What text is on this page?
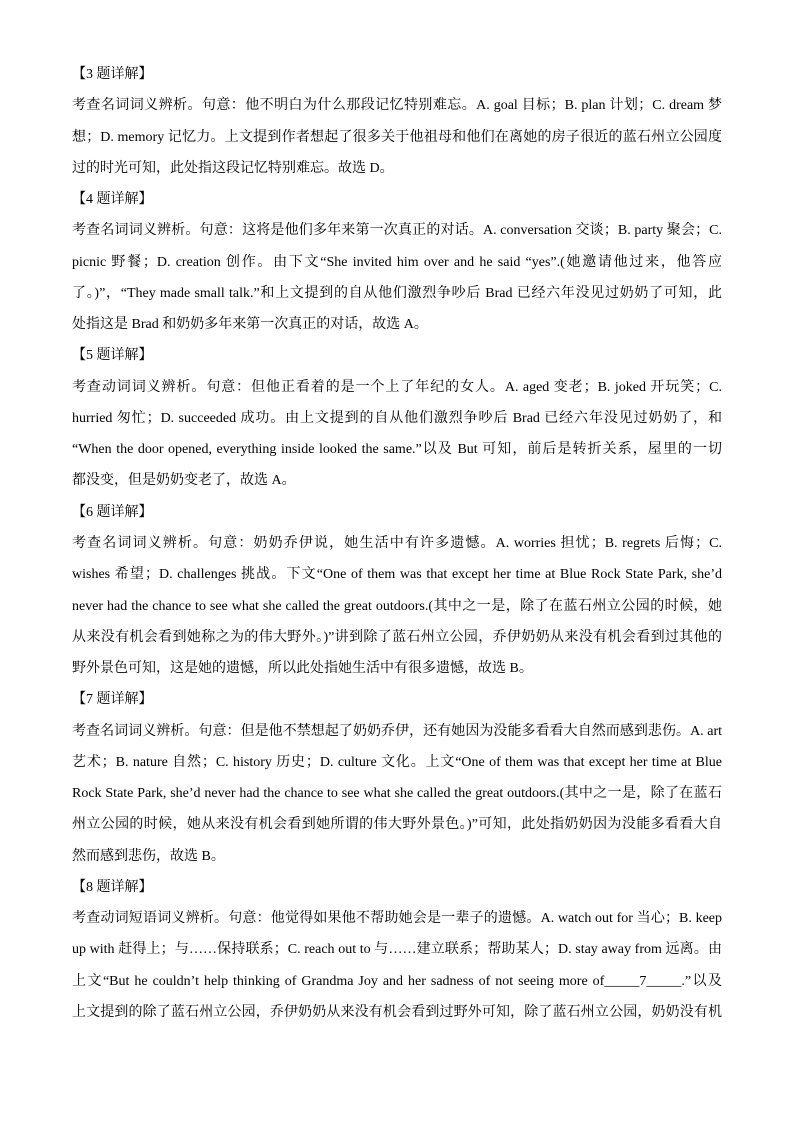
【3 题详解】
考查名词词义辨析。句意：他不明白为什么那段记忆特别难忘。A. goal 目标；B. plan 计划；C. dream 梦
想；D. memory 记忆力。上文提到作者想起了很多关于他祖母和他们在离她的房子很近的蓝石州立公园度
过的时光可知，此处指这段记忆特别难忘。故选 D。
【4 题详解】
考查名词词义辨析。句意：这将是他们多年来第一次真正的对话。A. conversation 交谈；B. party 聚会；C.
picnic 野餐；D. creation 创作。由下文“She invited him over and he said “yes”.(她邀请他过来，他答应
了。)”，“They made small talk.”和上文提到的自从他们激烈争吵后 Brad 已经六年没见过奶奶了可知，此
处指这是 Brad 和奶奶多年来第一次真正的对话，故选 A。
【5 题详解】
考查动词词义辨析。句意：但他正看着的是一个上了年纪的女人。A. aged 变老；B. joked 开玩笑；C.
hurried 匆忙；D. succeeded 成功。由上文提到的自从他们激烈争吵后 Brad 已经六年没见过奶奶了，和
“When the door opened, everything inside looked the same.”以及 But 可知，前后是转折关系，屋里的一切
都没变，但是奶奶变老了，故选 A。
【6 题详解】
考查名词词义辨析。句意：奶奶乔伊说，她生活中有许多遗憾。A. worries 担忧；B. regrets 后悔；C.
wishes 希望；D. challenges 挑战。下文“One of them was that except her time at Blue Rock State Park, she’d
never had the chance to see what she called the great outdoors.(其中之一是，除了在蓝石州立公园的时候，她
从来没有机会看到她称之为的伟大野外。)”讲到除了蓝石州立公园，乔伊奶奶从来没有机会看到过其他的
野外景色可知，这是她的遗憾，所以此处指她生活中有很多遗憾，故选 B。
【7 题详解】
考查名词词义辨析。句意：但是他不禁想起了奶奶乔伊，还有她因为没能多看看大自然而感到悲伤。A. art
艺术；B. nature 自然；C. history 历史；D. culture 文化。上文“One of them was that except her time at Blue
Rock State Park, she’d never had the chance to see what she called the great outdoors.(其中之一是，除了在蓝石
州立公园的时候，她从来没有机会看到她所谓的伟大野外景色。)”可知，此处指奶奶因为没能多看看大自
然而感到悲伤，故选 B。
【8 题详解】
考查动词短语词义辨析。句意：他觉得如果他不帮助她会是一辈子的遗憾。A. watch out for 当心；B. keep
up with 赶得上；与……保持联系；C. reach out to 与……建立联系；帮助某人；D. stay away from 远离。由
上文“But he couldn’t help thinking of Grandma Joy and her sadness of not seeing more of_____7_____.”以及
上文提到的除了蓝石州立公园，乔伊奶奶从来没有机会看到过野外可知，除了蓝石州立公园，奶奶没有机
